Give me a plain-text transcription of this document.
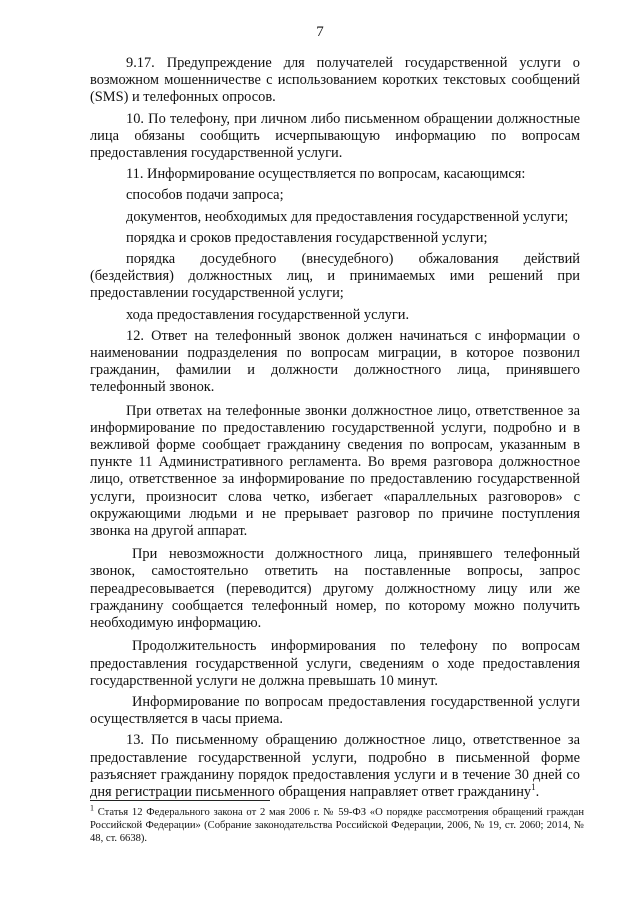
7

9.17. Предупреждение для получателей государственной услуги о возможном мошенничестве с использованием коротких текстовых сообщений (SMS) и телефонных опросов.

10. По телефону, при личном либо письменном обращении должностные лица обязаны сообщить исчерпывающую информацию по вопросам предоставления государственной услуги.

11. Информирование осуществляется по вопросам, касающимся:

способов подачи запроса;

документов, необходимых для предоставления государственной услуги;

порядка и сроков предоставления государственной услуги;

порядка досудебного (внесудебного) обжалования действий (бездействия) должностных лиц, и принимаемых ими решений при предоставлении государственной услуги;

хода предоставления государственной услуги.

12. Ответ на телефонный звонок должен начинаться с информации о наименовании подразделения по вопросам миграции, в которое позвонил гражданин, фамилии и должности должностного лица, принявшего телефонный звонок.

При ответах на телефонные звонки должностное лицо, ответственное за информирование по предоставлению государственной услуги, подробно и в вежливой форме сообщает гражданину сведения по вопросам, указанным в пункте 11 Административного регламента. Во время разговора должностное лицо, ответственное за информирование по предоставлению государственной услуги, произносит слова четко, избегает «параллельных разговоров» с окружающими людьми и не прерывает разговор по причине поступления звонка на другой аппарат.

При невозможности должностного лица, принявшего телефонный звонок, самостоятельно ответить на поставленные вопросы, запрос переадресовывается (переводится) другому должностному лицу или же гражданину сообщается телефонный номер, по которому можно получить необходимую информацию.

Продолжительность информирования по телефону по вопросам предоставления государственной услуги, сведениям о ходе предоставления государственной услуги не должна превышать 10 минут.

Информирование по вопросам предоставления государственной услуги осуществляется в часы приема.

13. По письменному обращению должностное лицо, ответственное за предоставление государственной услуги, подробно в письменной форме разъясняет гражданину порядок предоставления услуги и в течение 30 дней со дня регистрации письменного обращения направляет ответ гражданину$^1$.

$^1$ Статья 12 Федерального закона от 2 мая 2006 г. № 59-ФЗ «О порядке рассмотрения обращений граждан Российской Федерации» (Собрание законодательства Российской Федерации, 2006, № 19, ст. 2060; 2014, № 48, ст. 6638).
